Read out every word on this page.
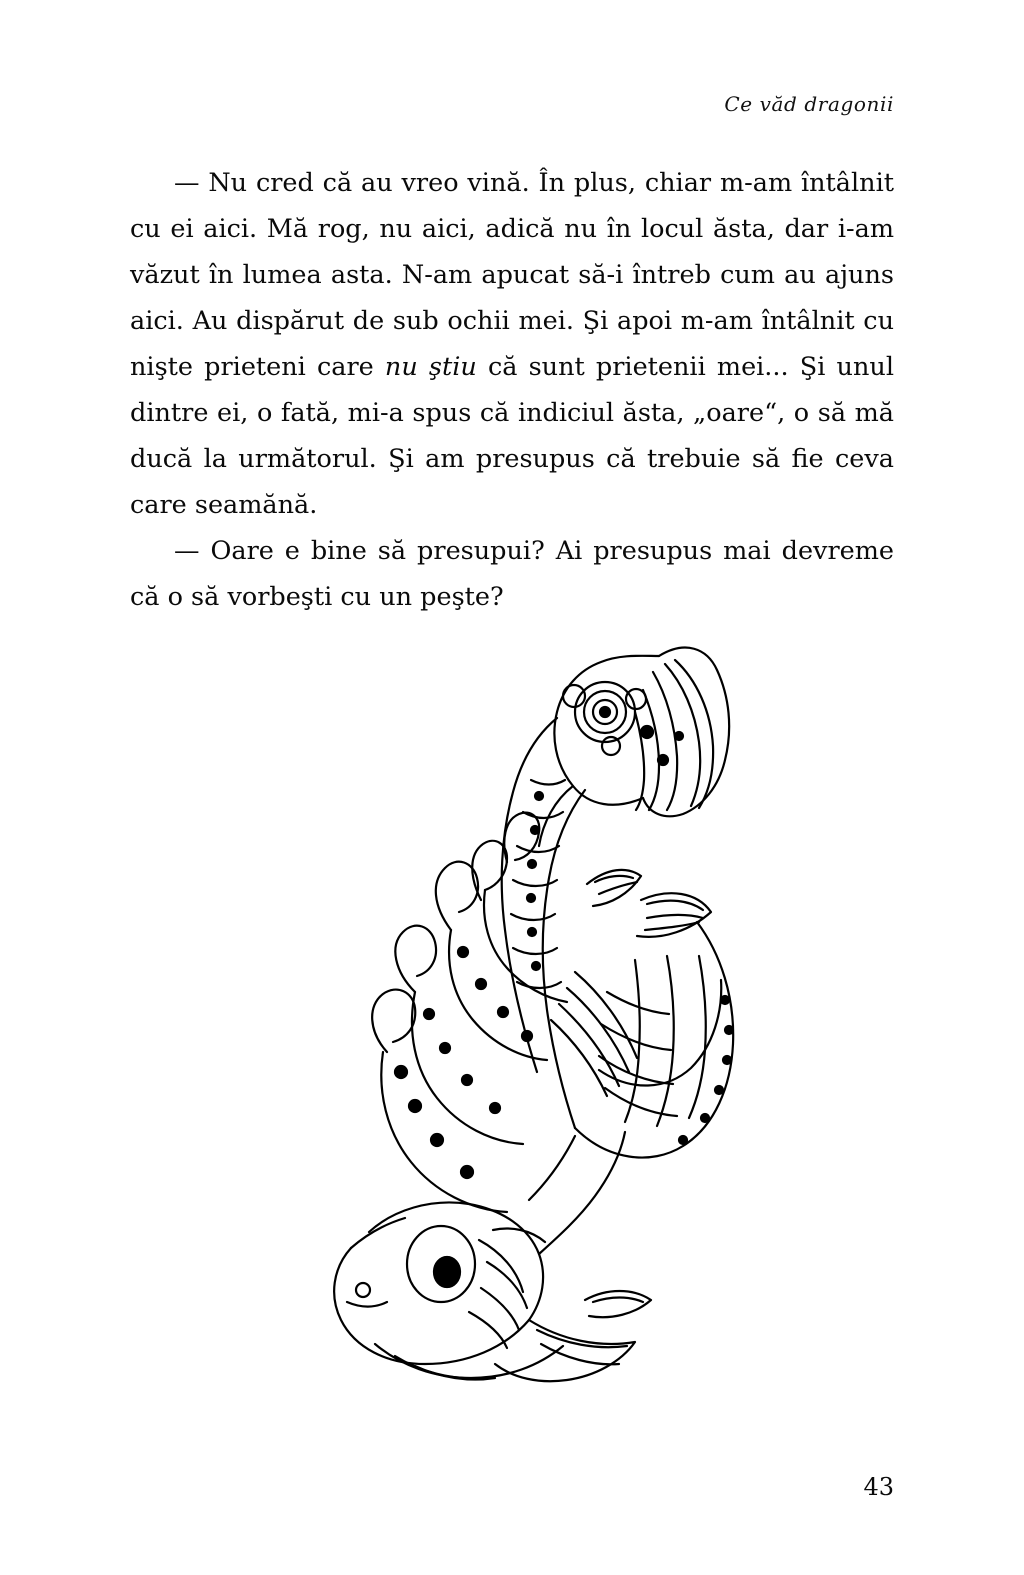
Ce văd dragonii

— Nu cred că au vreo vină. În plus, chiar m-am întâlnit cu ei aici. Mă rog, nu aici, adică nu în locul ăsta, dar i-am văzut în lumea asta. N-am apucat să-i întreb cum au ajuns aici. Au dispărut de sub ochii mei. Şi apoi m-am întâlnit cu nişte prieteni care nu ştiu că sunt prietenii mei... Şi unul dintre ei, o fată, mi-a spus că indiciul ăsta, „oare“, o să mă ducă la următorul. Şi am presupus că trebuie să fie ceva care seamănă.

— Oare e bine să presupui? Ai presupus mai devreme că o să vorbeşti cu un peşte?

43
